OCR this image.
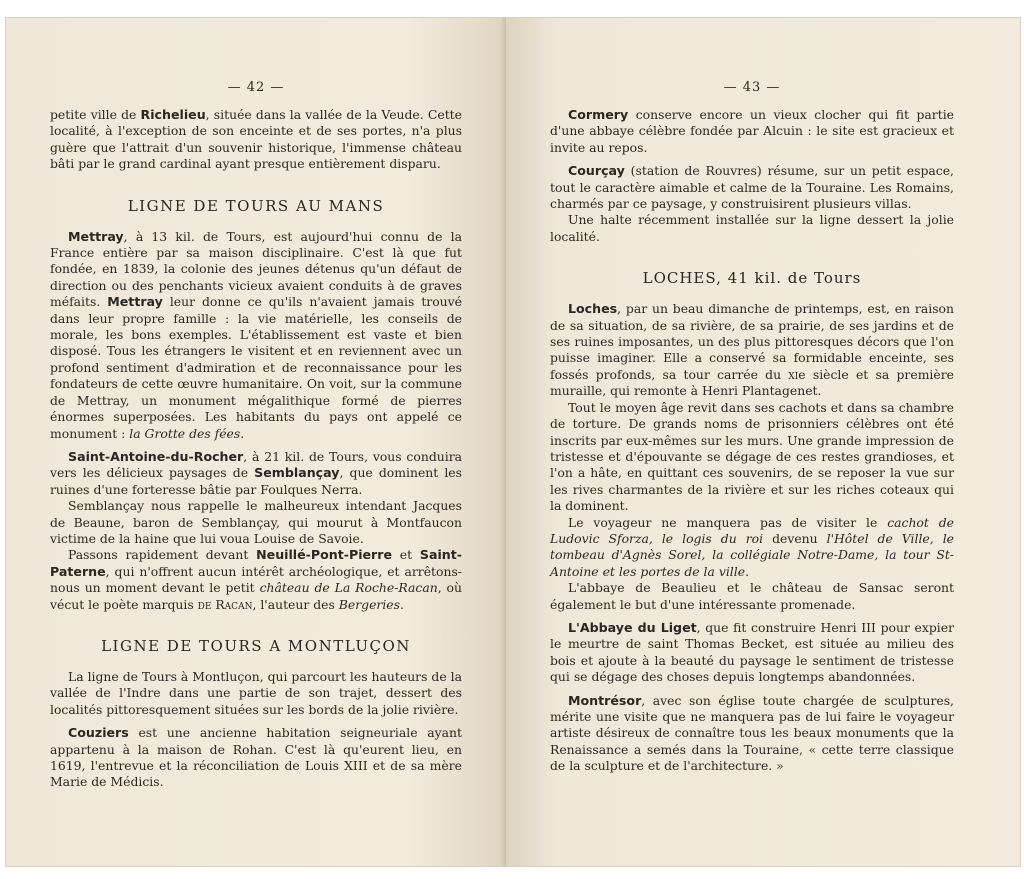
— 42 —

petite ville de Richelieu, située dans la vallée de la Veude. Cette localité, à l'exception de son enceinte et de ses portes, n'a plus guère que l'attrait d'un souvenir historique, l'immense château bâti par le grand cardinal ayant presque entièrement disparu.

LIGNE DE TOURS AU MANS

Mettray, à 13 kil. de Tours, est aujourd'hui connu de la France entière par sa maison disciplinaire. C'est là que fut fondée, en 1839, la colonie des jeunes détenus qu'un défaut de direction ou des penchants vicieux avaient conduits à de graves méfaits. Mettray leur donne ce qu'ils n'avaient jamais trouvé dans leur propre famille : la vie matérielle, les conseils de morale, les bons exemples. L'établissement est vaste et bien disposé. Tous les étrangers le visitent et en reviennent avec un profond sentiment d'admiration et de reconnaissance pour les fondateurs de cette œuvre humanitaire. On voit, sur la commune de Mettray, un monument mégalithique formé de pierres énormes superposées. Les habitants du pays ont appelé ce monument : la Grotte des fées.

Saint-Antoine-du-Rocher, à 21 kil. de Tours, vous conduira vers les délicieux paysages de Semblançay, que dominent les ruines d'une forteresse bâtie par Foulques Nerra.

Semblançay nous rappelle le malheureux intendant Jacques de Beaune, baron de Semblançay, qui mourut à Montfaucon victime de la haine que lui voua Louise de Savoie.

Passons rapidement devant Neuillé-Pont-Pierre et Saint-Paterne, qui n'offrent aucun intérêt archéologique, et arrêtons-nous un moment devant le petit château de La Roche-Racan, où vécut le poète marquis de Racan, l'auteur des Bergeries.

LIGNE DE TOURS A MONTLUÇON

La ligne de Tours à Montluçon, qui parcourt les hauteurs de la vallée de l'Indre dans une partie de son trajet, dessert des localités pittoresquement situées sur les bords de la jolie rivière.

Couziers est une ancienne habitation seigneuriale ayant appartenu à la maison de Rohan. C'est là qu'eurent lieu, en 1619, l'entrevue et la réconciliation de Louis XIII et de sa mère Marie de Médicis.

— 43 —

Cormery conserve encore un vieux clocher qui fit partie d'une abbaye célèbre fondée par Alcuin : le site est gracieux et invite au repos.

Courçay (station de Rouvres) résume, sur un petit espace, tout le caractère aimable et calme de la Touraine. Les Romains, charmés par ce paysage, y construisirent plusieurs villas.

Une halte récemment installée sur la ligne dessert la jolie localité.

LOCHES, 41 kil. de Tours

Loches, par un beau dimanche de printemps, est, en raison de sa situation, de sa rivière, de sa prairie, de ses jardins et de ses ruines imposantes, un des plus pittoresques décors que l'on puisse imaginer. Elle a conservé sa formidable enceinte, ses fossés profonds, sa tour carrée du xie siècle et sa première muraille, qui remonte à Henri Plantagenet.

Tout le moyen âge revit dans ses cachots et dans sa chambre de torture. De grands noms de prisonniers célèbres ont été inscrits par eux-mêmes sur les murs. Une grande impression de tristesse et d'épouvante se dégage de ces restes grandioses, et l'on a hâte, en quittant ces souvenirs, de se reposer la vue sur les rives charmantes de la rivière et sur les riches coteaux qui la dominent.

Le voyageur ne manquera pas de visiter le cachot de Ludovic Sforza, le logis du roi devenu l'Hôtel de Ville, le tombeau d'Agnès Sorel, la collégiale Notre-Dame, la tour St-Antoine et les portes de la ville.

L'abbaye de Beaulieu et le château de Sansac seront également le but d'une intéressante promenade.

L'Abbaye du Liget, que fit construire Henri III pour expier le meurtre de saint Thomas Becket, est située au milieu des bois et ajoute à la beauté du paysage le sentiment de tristesse qui se dégage des choses depuis longtemps abandonnées.

Montrésor, avec son église toute chargée de sculptures, mérite une visite que ne manquera pas de lui faire le voyageur artiste désireux de connaître tous les beaux monuments que la Renaissance a semés dans la Touraine, « cette terre classique de la sculpture et de l'architecture. »
